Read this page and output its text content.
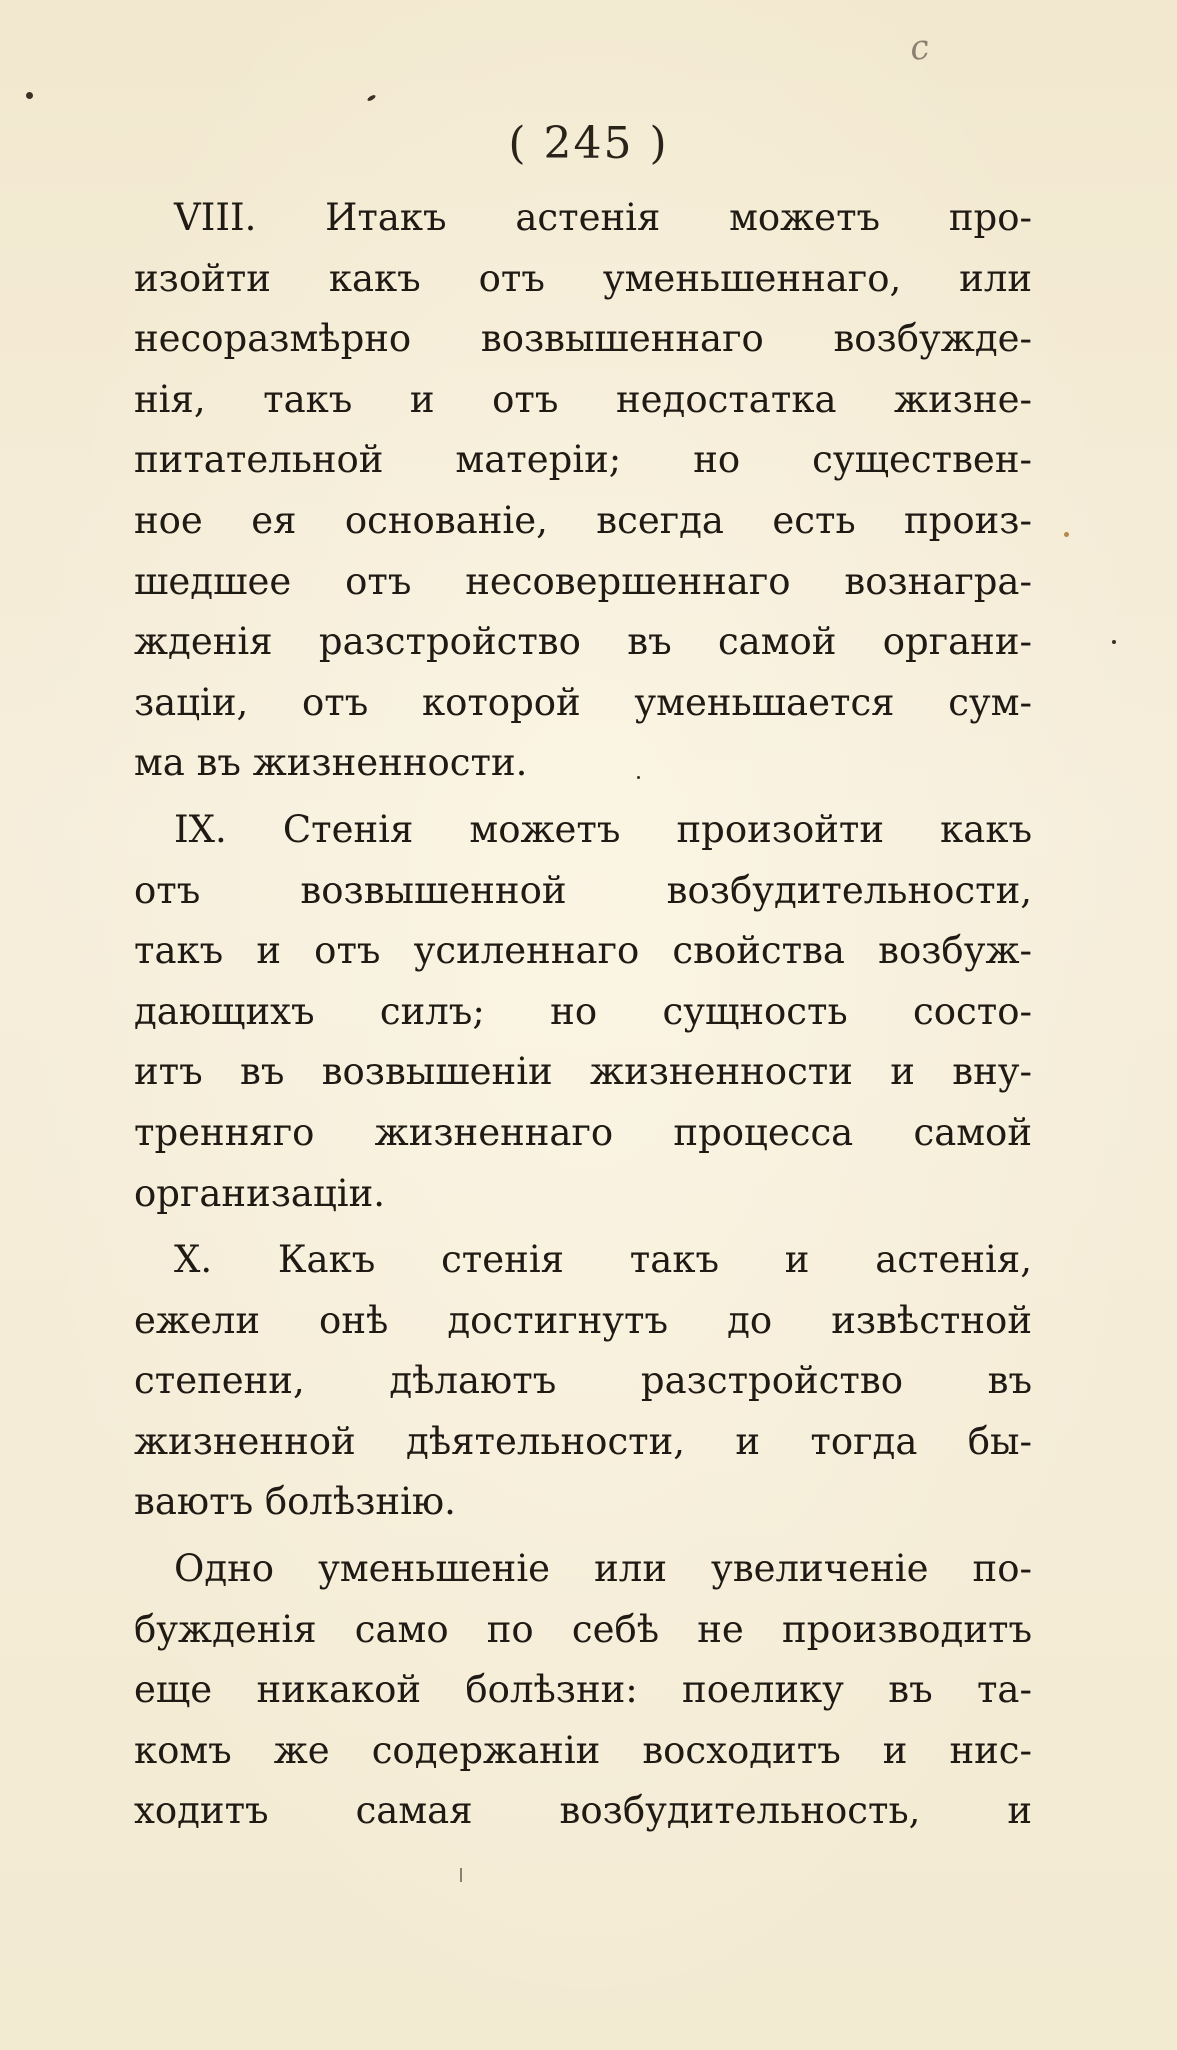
c
( 245 )
VIII. Итакъ астенія можетъ про-
изойти какъ отъ уменьшеннаго, или
несоразмѣрно возвышеннаго возбужде-
нія, такъ и отъ недостатка жизне-
питательной матеріи; но существен-
ное ея основаніе, всегда есть произ-
шедшее отъ несовершеннаго вознагра-
жденія разстройство въ самой органи-
заціи, отъ которой уменьшается сум-
ма въ жизненности.
IX. Стенія можетъ произойти какъ
отъ возвышенной возбудительности,
такъ и отъ усиленнаго свойства возбуж-
дающихъ силъ; но сущность состо-
итъ въ возвышеніи жизненности и вну-
тренняго жизненнаго процесса самой
организаціи.
X. Какъ стенія такъ и астенія,
ежели онѣ достигнутъ до извѣстной
степени, дѣлаютъ разстройство въ
жизненной дѣятельности, и тогда бы-
ваютъ болѣзнію.
Одно уменьшеніе или увеличеніе по-
бужденія само по себѣ не производитъ
еще никакой болѣзни: поелику въ та-
комъ же содержаніи восходитъ и нис-
ходитъ самая возбудительность, и
